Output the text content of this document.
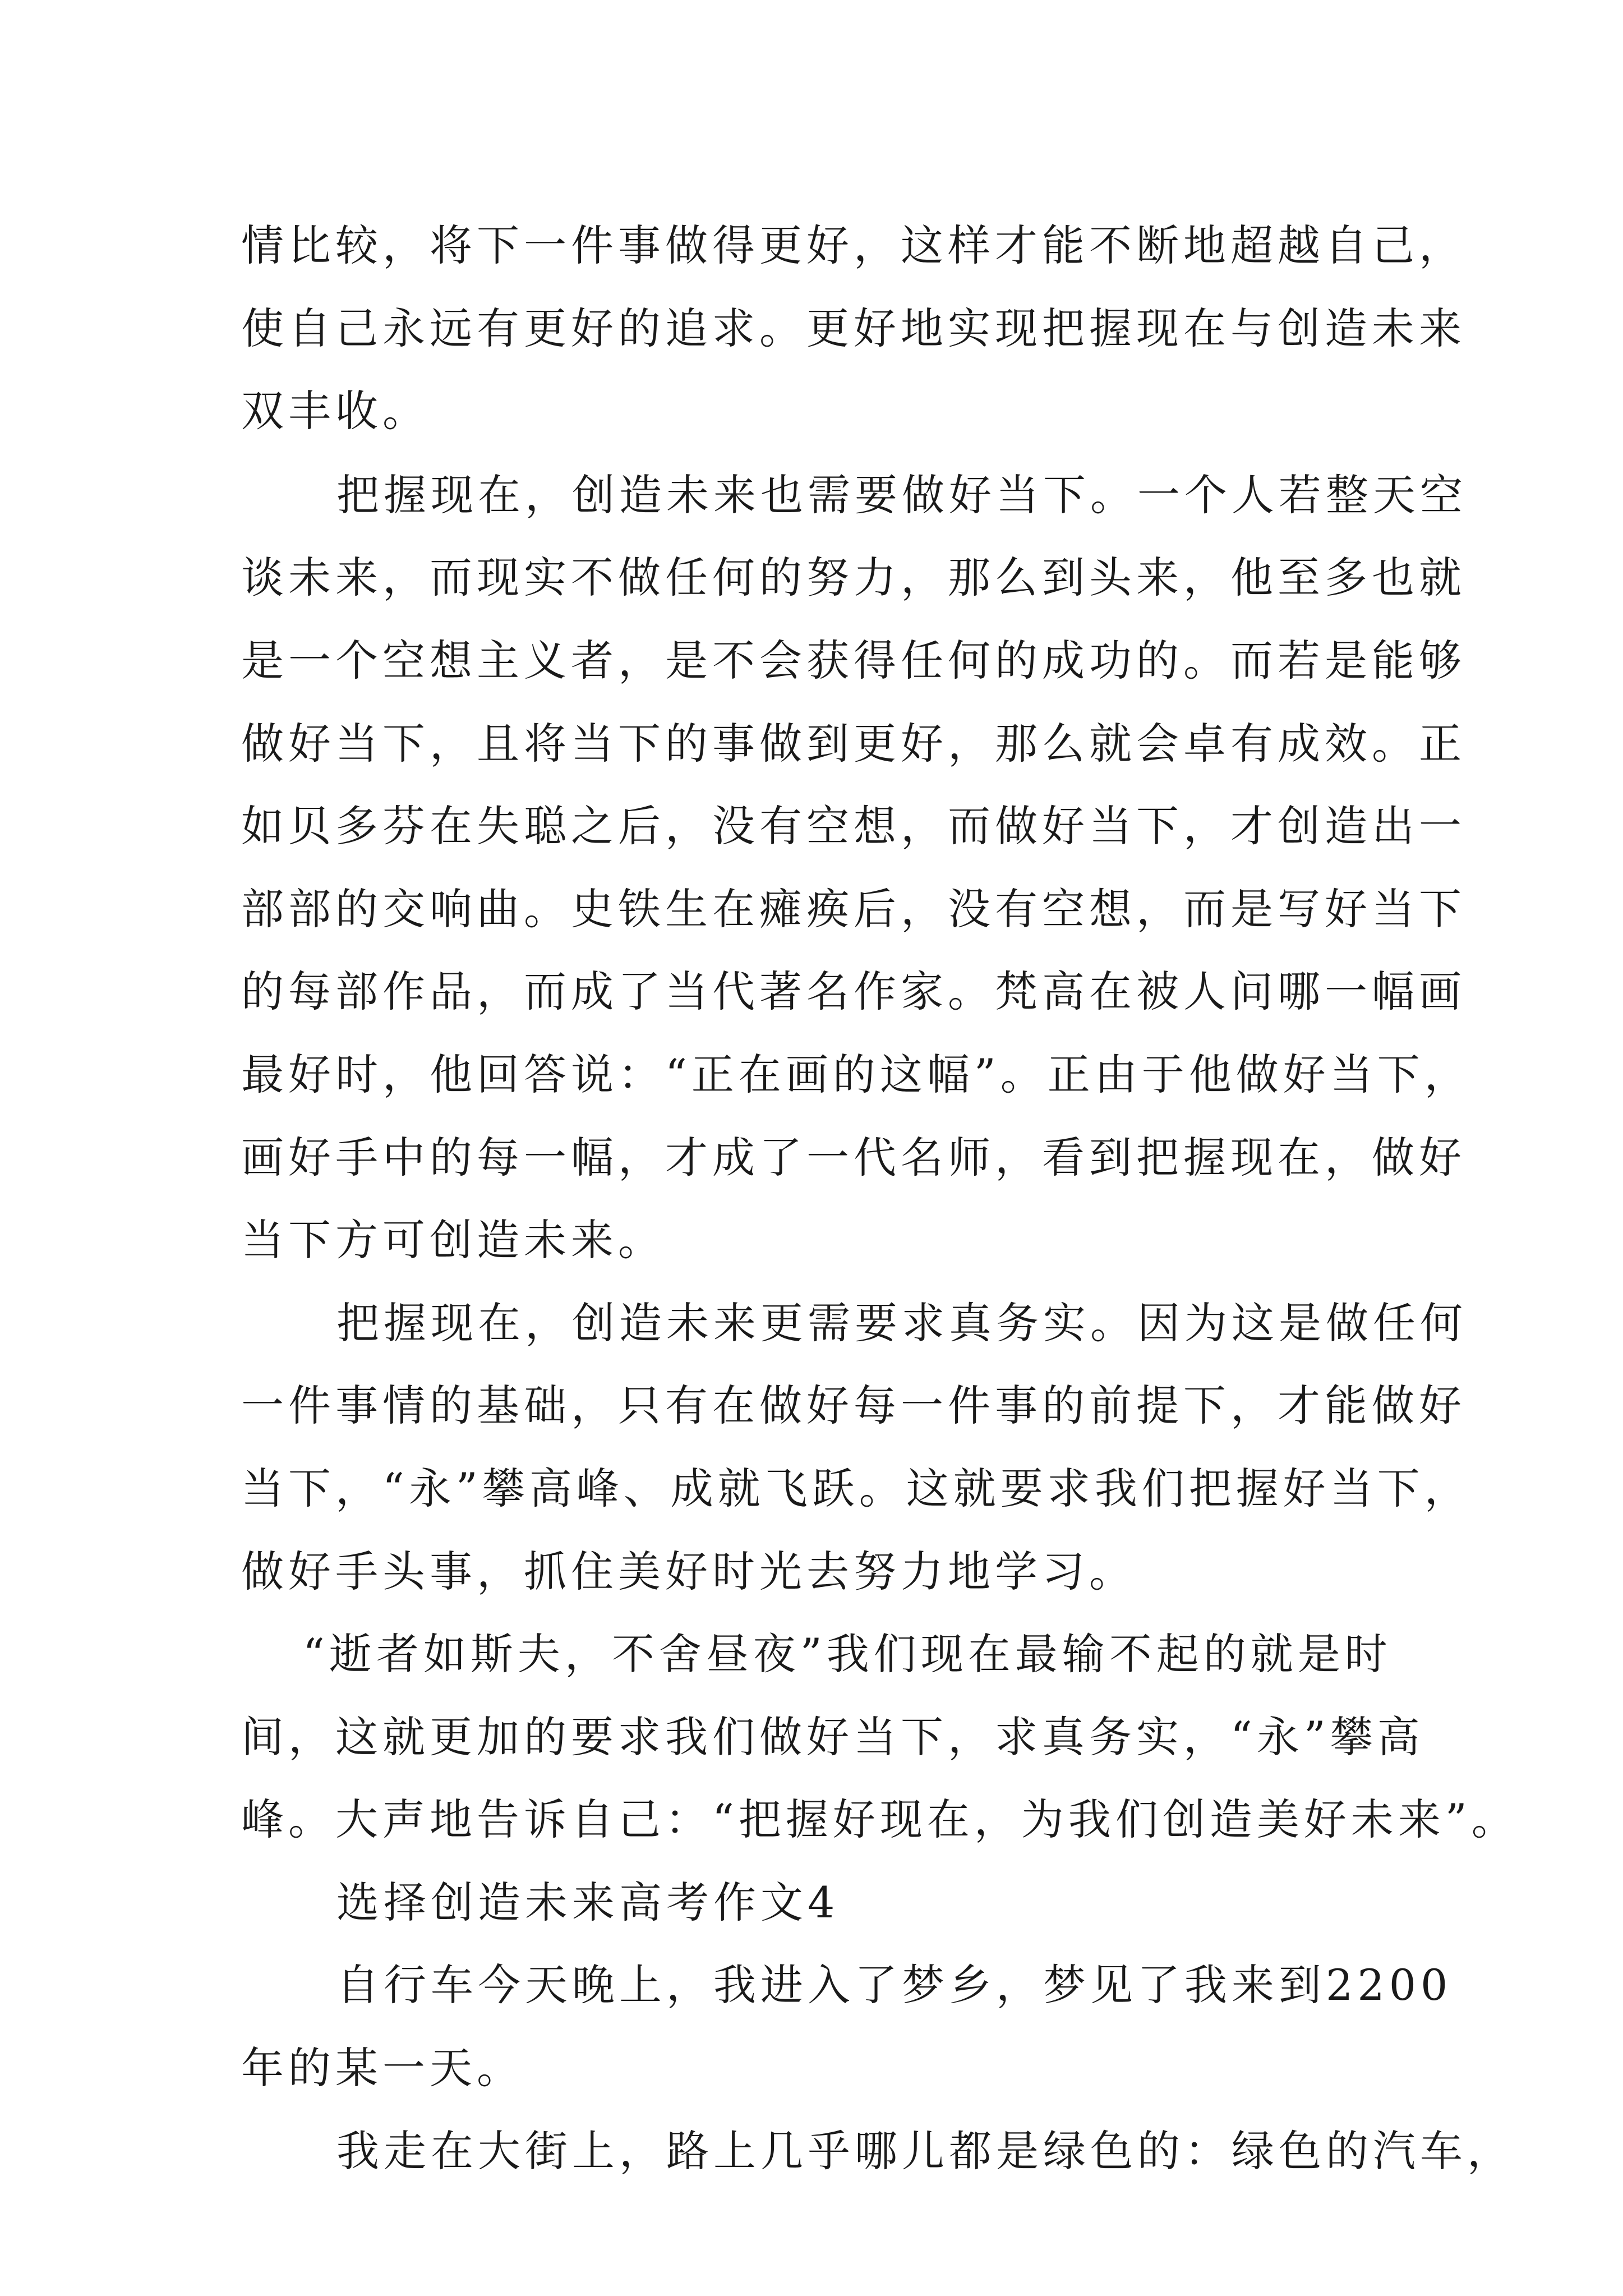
情比较，将下一件事做得更好，这样才能不断地超越自己，

使自己永远有更好的追求。更好地实现把握现在与创造未来

双丰收。

把握现在，创造未来也需要做好当下。一个人若整天空

谈未来，而现实不做任何的努力，那么到头来，他至多也就

是一个空想主义者，是不会获得任何的成功的。而若是能够

做好当下，且将当下的事做到更好，那么就会卓有成效。正

如贝多芬在失聪之后，没有空想，而做好当下，才创造出一

部部的交响曲。史铁生在瘫痪后，没有空想，而是写好当下

的每部作品，而成了当代著名作家。梵高在被人问哪一幅画

最好时，他回答说：“正在画的这幅”。正由于他做好当下，

画好手中的每一幅，才成了一代名师，看到把握现在，做好

当下方可创造未来。

把握现在，创造未来更需要求真务实。因为这是做任何

一件事情的基础，只有在做好每一件事的前提下，才能做好

当下，“永”攀高峰、成就飞跃。这就要求我们把握好当下，

做好手头事，抓住美好时光去努力地学习。

“逝者如斯夫，不舍昼夜”我们现在最输不起的就是时

间，这就更加的要求我们做好当下，求真务实，“永”攀高

峰。大声地告诉自己：“把握好现在，为我们创造美好未来”。

选择创造未来高考作文4

自行车今天晚上，我进入了梦乡，梦见了我来到2200

年的某一天。

我走在大街上，路上几乎哪儿都是绿色的：绿色的汽车，
